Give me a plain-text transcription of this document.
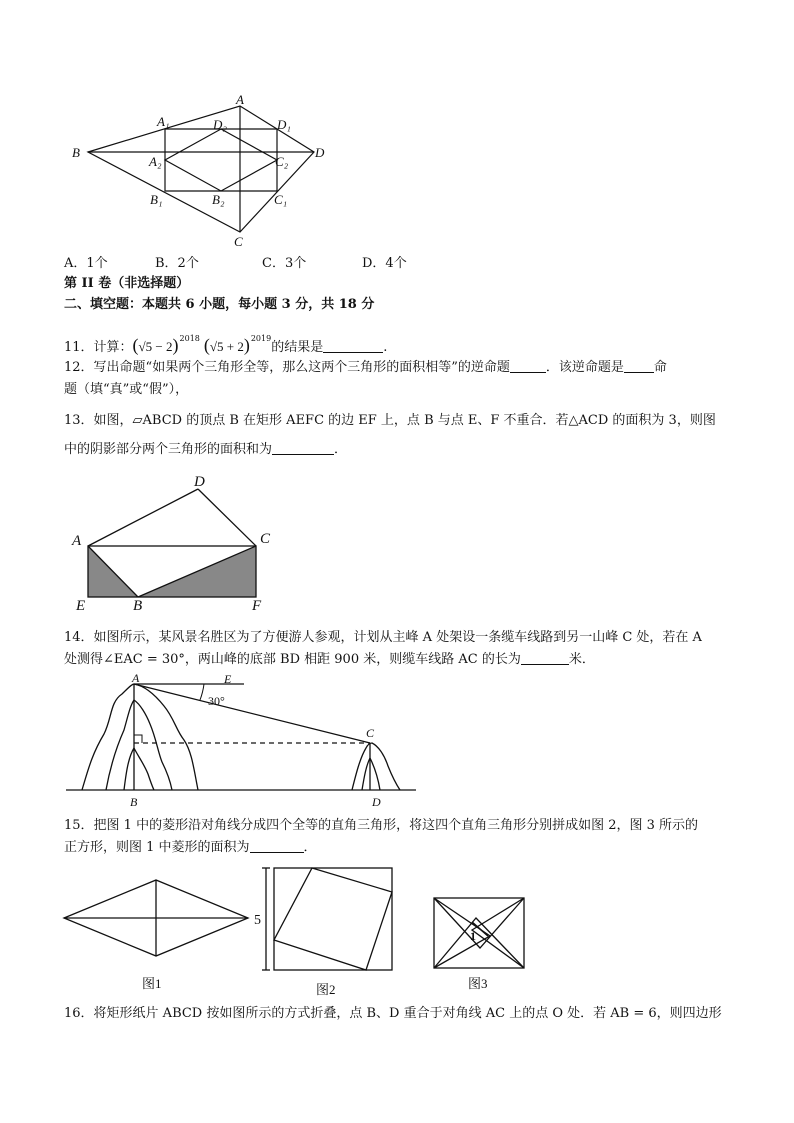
A
A₁	D₂	D₁
B
A₂	C₂
D
B₁	B₂	C₁
C
A．1个	B．2个	C．3个	D．4个
第 II 卷（非选择题）
二、填空题：本题共 6 小题，每小题 3 分，共 18 分
11．计算：$(√5 - 2)^{2018}$ $(√5 + 2)^{2019}$的结果是	.
12．写出命题“如果两个三角形全等，那么这两个三角形的面积相等”的逆命题	．该逆命题是 命
题（填“真”或“假”），
13．如图，▱ABCD 的顶点 B 在矩形 AEFC 的边 EF 上，点 B 与点 E、F 不重合．若△ACD 的面积为 3，则图
中的阴影部分两个三角形的面积和为	．
D
A	C
E	B	F
14．如图所示，某风景名胜区为了方便游人参观，计划从主峰 A 处架设一条缆车线路到另一山峰 C 处，若在 A
处测得∠EAC = 30°，两山峰的底部 BD 相距 900 米，则缆车线路 AC 的长为	米．
A	E
30°
C
B	D
15．把图 1 中的菱形沿对角线分成四个全等的直角三角形，将这四个直角三角形分别拼成如图 2，图 3 所示的
正方形，则图 1 中菱形的面积为	．
图1	图2	图3
5
1
16．将矩形纸片 ABCD 按如图所示的方式折叠，点 B、D 重合于对角线 AC 上的点 O 处．若 AB = 6，则四边形
